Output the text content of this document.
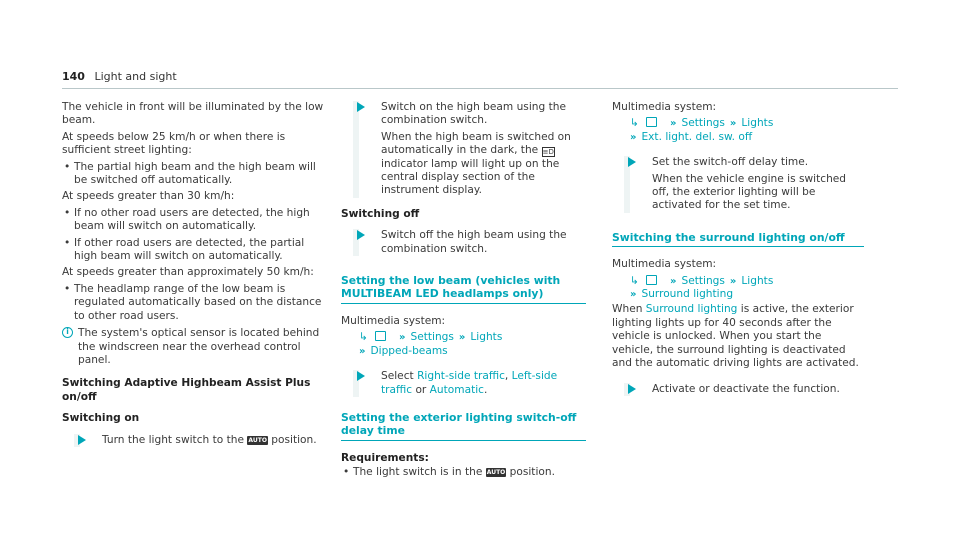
140 Light and sight

The vehicle in front will be illuminated by the low beam.

At speeds below 25 km/h or when there is sufficient street lighting:

• The partial high beam and the high beam will be switched off automatically.

At speeds greater than 30 km/h:

• If no other road users are detected, the high beam will switch on automatically.

• If other road users are detected, the partial high beam will switch on automatically.

At speeds greater than approximately 50 km/h:

• The headlamp range of the low beam is regulated automatically based on the distance to other road users.

i The system's optical sensor is located behind the windscreen near the overhead control panel.

Switching Adaptive Highbeam Assist Plus on/off
Switching on
Turn the light switch to the AUTO position.

Switch on the high beam using the combination switch.

When the high beam is switched on automatically in the dark, the ≡D indicator lamp will light up on the central display section of the instrument display.

Switching off

Switch off the high beam using the combination switch.

Setting the low beam (vehicles with MULTIBEAM LED headlamps only)

Multimedia system:

↳	» Settings » Lights
» Dipped-beams
Select Right-side traffic, Left-side traffic or Automatic.
Setting the exterior lighting switch-off delay time
Requirements:
• The light switch is in the AUTO position.

Multimedia system:

↳	» Settings » Lights
» Ext. light. del. sw. off

Set the switch-off delay time.

When the vehicle engine is switched off, the exterior lighting will be activated for the set time.

Switching the surround lighting on/off

Multimedia system:

↳	» Settings » Lights
» Surround lighting

When Surround lighting is active, the exterior lighting lights up for 40 seconds after the vehicle is unlocked. When you start the vehicle, the surround lighting is deactivated and the automatic driving lights are activated.

Activate or deactivate the function.
